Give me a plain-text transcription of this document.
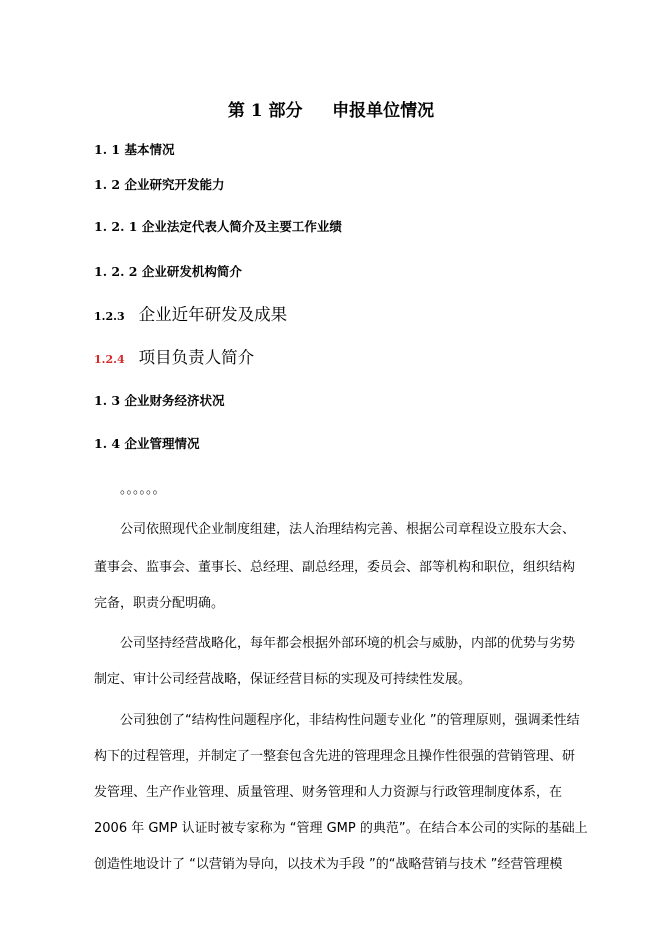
第 1 部分     申报单位情况
1. 1 基本情况
1. 2 企业研究开发能力
1. 2. 1 企业法定代表人简介及主要工作业绩
1. 2. 2 企业研发机构简介
1.2.3 企业近年研发及成果
1.2.4 项目负责人简介
1. 3 企业财务经济状况
1. 4 企业管理情况
。。。。。。
公司依照现代企业制度组建，法人治理结构完善、根据公司章程设立股东大会、
董事会、监事会、董事长、总经理、副总经理，委员会、部等机构和职位，组织结构
完备，职责分配明确。
公司坚持经营战略化，每年都会根据外部环境的机会与威胁，内部的优势与劣势
制定、审计公司经营战略，保证经营目标的实现及可持续性发展。
公司独创了“结构性问题程序化，非结构性问题专业化 ”的管理原则，强调柔性结
构下的过程管理，并制定了一整套包含先进的管理理念且操作性很强的营销管理、研
发管理、生产作业管理、质量管理、财务管理和人力资源与行政管理制度体系，在
2006 年 GMP 认证时被专家称为 “管理 GMP 的典范”。在结合本公司的实际的基础上
创造性地设计了 “以营销为导向，以技术为手段 ”的“战略营销与技术 ”经营管理模
